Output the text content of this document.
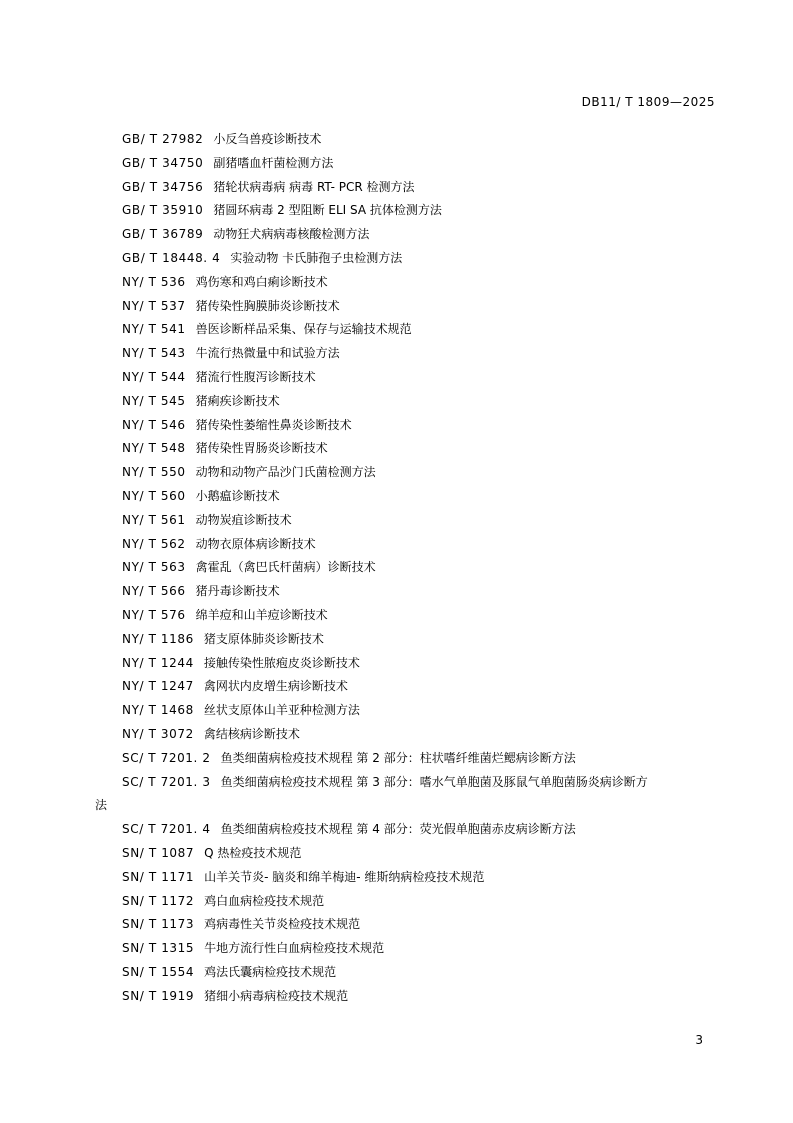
DB11/ T 1809—2025
GB/ T 27982 小反刍兽疫诊断技术
GB/ T 34750 副猪嗜血杆菌检测方法
GB/ T 34756 猪轮状病毒病 病毒 RT- PCR 检测方法
GB/ T 35910 猪圆环病毒 2 型阻断 ELI SA 抗体检测方法
GB/ T 36789 动物狂犬病病毒核酸检测方法
GB/ T 18448. 4 实验动物 卡氏肺孢子虫检测方法
NY/ T 536 鸡伤寒和鸡白痢诊断技术
NY/ T 537 猪传染性胸膜肺炎诊断技术
NY/ T 541 兽医诊断样品采集、保存与运输技术规范
NY/ T 543 牛流行热微量中和试验方法
NY/ T 544 猪流行性腹泻诊断技术
NY/ T 545 猪痢疾诊断技术
NY/ T 546 猪传染性萎缩性鼻炎诊断技术
NY/ T 548 猪传染性胃肠炎诊断技术
NY/ T 550 动物和动物产品沙门氏菌检测方法
NY/ T 560 小鹅瘟诊断技术
NY/ T 561 动物炭疽诊断技术
NY/ T 562 动物衣原体病诊断技术
NY/ T 563 禽霍乱（禽巴氏杆菌病）诊断技术
NY/ T 566 猪丹毒诊断技术
NY/ T 576 绵羊痘和山羊痘诊断技术
NY/ T 1186 猪支原体肺炎诊断技术
NY/ T 1244 接触传染性脓疱皮炎诊断技术
NY/ T 1247 禽网状内皮增生病诊断技术
NY/ T 1468 丝状支原体山羊亚种检测方法
NY/ T 3072 禽结核病诊断技术
SC/ T 7201. 2 鱼类细菌病检疫技术规程 第 2 部分：柱状嗜纤维菌烂鳃病诊断方法
SC/ T 7201. 3 鱼类细菌病检疫技术规程 第 3 部分：嗜水气单胞菌及豚鼠气单胞菌肠炎病诊断方
法
SC/ T 7201. 4 鱼类细菌病检疫技术规程 第 4 部分：荧光假单胞菌赤皮病诊断方法
SN/ T 1087 Q 热检疫技术规范
SN/ T 1171 山羊关节炎- 脑炎和绵羊梅迪- 维斯纳病检疫技术规范
SN/ T 1172 鸡白血病检疫技术规范
SN/ T 1173 鸡病毒性关节炎检疫技术规范
SN/ T 1315 牛地方流行性白血病检疫技术规范
SN/ T 1554 鸡法氏囊病检疫技术规范
SN/ T 1919 猪细小病毒病检疫技术规范
3
